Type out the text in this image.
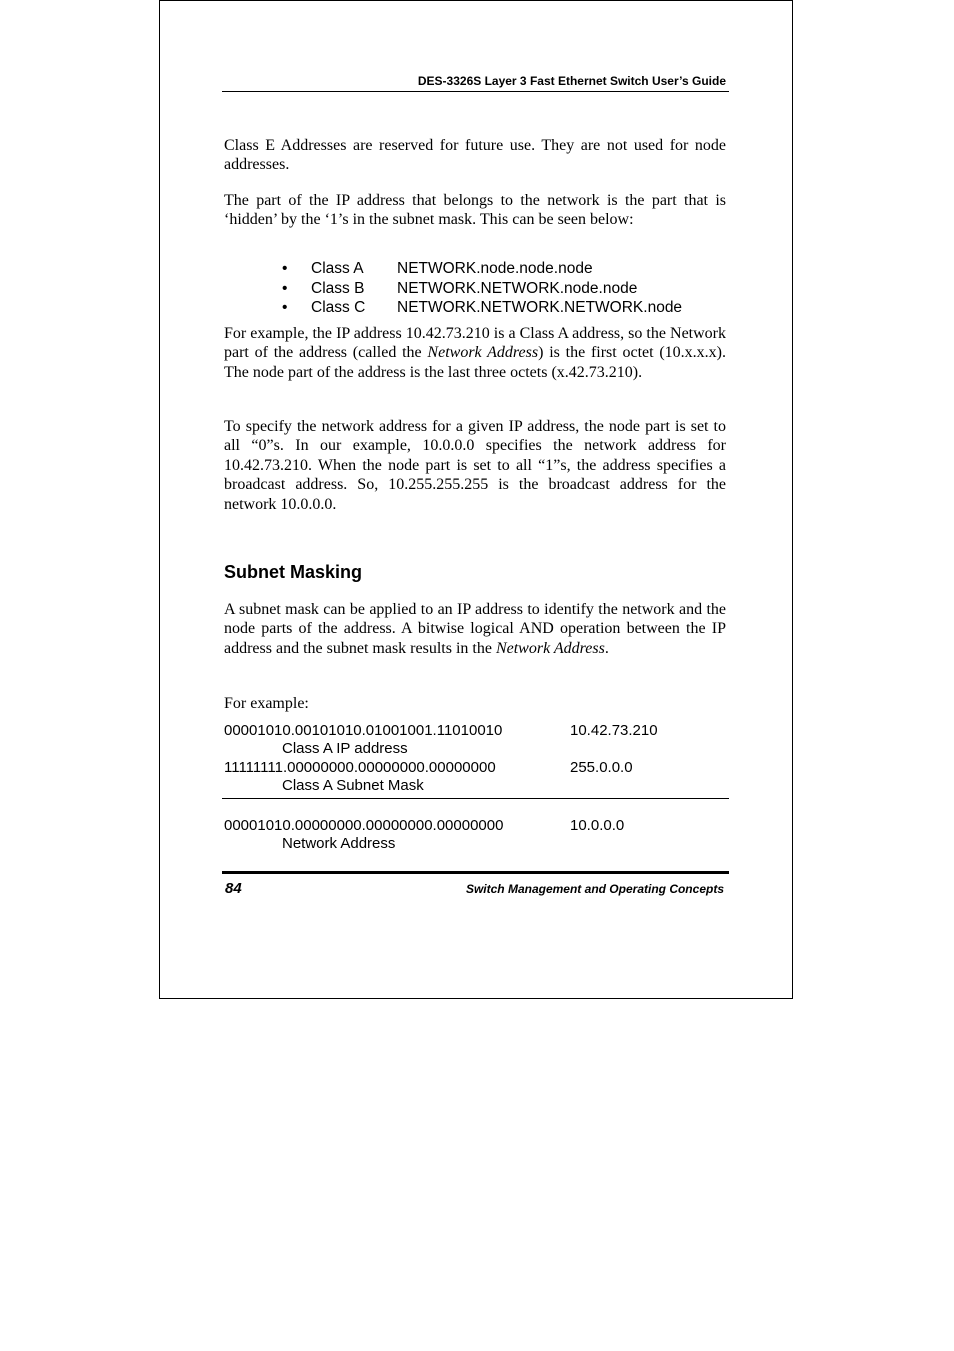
DES-3326S Layer 3 Fast Ethernet Switch User’s Guide

Class E Addresses are reserved for future use. They are not used for node addresses.

The part of the IP address that belongs to the network is the part that is ‘hidden’ by the ‘1’s in the subnet mask. This can be seen below:

• Class A NETWORK.node.node.node
• Class B NETWORK.NETWORK.node.node
• Class C NETWORK.NETWORK.NETWORK.node

For example, the IP address 10.42.73.210 is a Class A address, so the Network part of the address (called the Network Address) is the first octet (10.x.x.x). The node part of the address is the last three octets (x.42.73.210).

To specify the network address for a given IP address, the node part is set to all “0”s. In our example, 10.0.0.0 specifies the network address for 10.42.73.210. When the node part is set to all “1”s, the address specifies a broadcast address. So, 10.255.255.255 is the broadcast address for the network 10.0.0.0.

Subnet Masking

A subnet mask can be applied to an IP address to identify the network and the node parts of the address. A bitwise logical AND operation between the IP address and the subnet mask results in the Network Address.

For example:

00001010.00101010.01001001.11010010	10.42.73.210
Class A IP address
11111111.00000000.00000000.00000000	255.0.0.0
Class A Subnet Mask
00001010.00000000.00000000.00000000	10.0.0.0
Network Address
84	Switch Management and Operating Concepts
